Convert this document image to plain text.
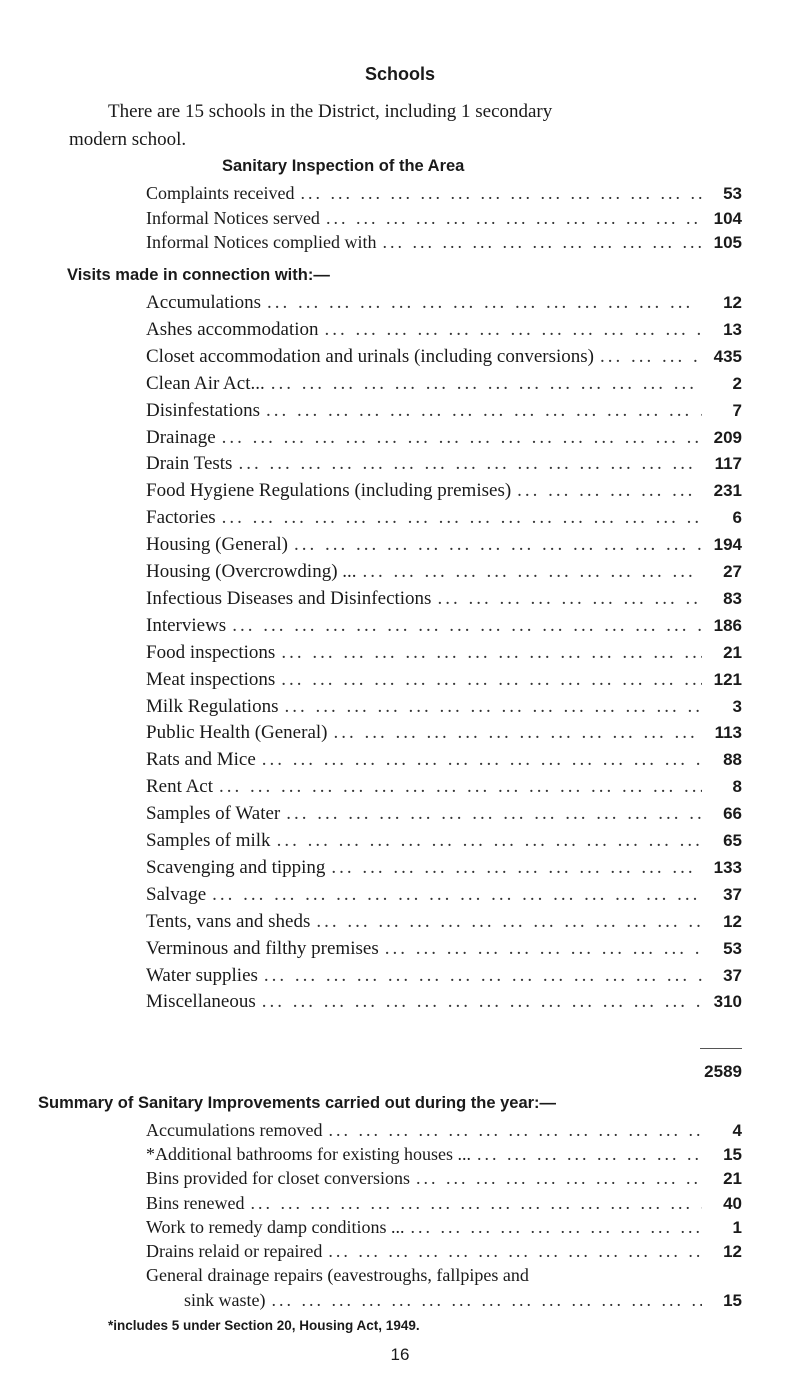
Schools
There are 15 schools in the District, including 1 secondary
modern school.
Sanitary Inspection of the Area
Complaints received ... .	53
Informal Notices served ... .	104
Informal Notices complied with ... .	105
Visits made in connection with:—
Accumulations ... .	12
Ashes accommodation ... .	13
Closet accommodation and urinals (including conversions) ... .	435
Clean Air Act... ... .	2
Disinfestations ... .	7
Drainage ... .	209
Drain Tests ... .	117
Food Hygiene Regulations (including premises) ... .	231
Factories ... .	6
Housing (General) ... .	194
Housing (Overcrowding) ... ... .	27
Infectious Diseases and Disinfections ... .	83
Interviews ... .	186
Food inspections ... .	21
Meat inspections ... .	121
Milk Regulations ... .	3
Public Health (General) ... .	113
Rats and Mice ... .	88
Rent Act ... .	8
Samples of Water ... .	66
Samples of milk ... .	65
Scavenging and tipping ... .	133
Salvage ... .	37
Tents, vans and sheds ... .	12
Verminous and filthy premises ... .	53
Water supplies ... .	37
Miscellaneous ... .	310
2589
Summary of Sanitary Improvements carried out during the year:—
Accumulations removed ... .	4
*Additional bathrooms for existing houses ... ... .	15
Bins provided for closet conversions ... .	21
Bins renewed ... .	40
Work to remedy damp conditions ... ... .	1
Drains relaid or repaired ... .	12
General drainage repairs (eavestroughs, fallpipes and
sink waste) ... .	15
*includes 5 under Section 20, Housing Act, 1949.
16
